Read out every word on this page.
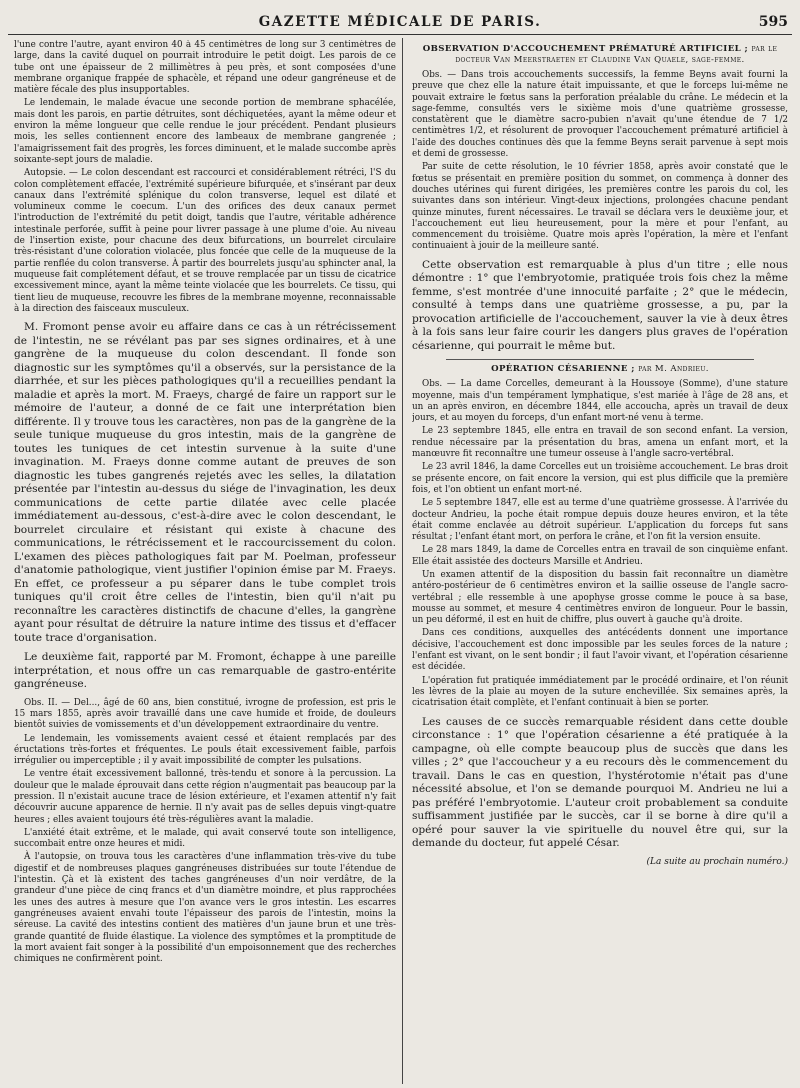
GAZETTE MÉDICALE DE PARIS.	595

l'une contre l'autre, ayant environ 40 à 45 centimètres de long sur 3 centimètres de large, dans la cavité duquel on pourrait introduire le petit doigt. Les parois de ce tube ont une épaisseur de 2 millimètres à peu près, et sont composées d'une membrane organique frappée de sphacèle, et répand une odeur gangréneuse et de matière fécale des plus insupportables.

Le lendemain, le malade évacue une seconde portion de membrane sphacélée, mais dont les parois, en partie détruites, sont déchiquetées, ayant la même odeur et environ la même longueur que celle rendue le jour précédent. Pendant plusieurs mois, les selles contiennent encore des lambeaux de membrane gangrenée ; l'amaigrissement fait des progrès, les forces diminuent, et le malade succombe après soixante-sept jours de maladie.

Autopsie. — Le colon descendant est raccourci et considérablement rétréci, l'S du colon complètement effacée, l'extrémité supérieure bifurquée, et s'insérant par deux canaux dans l'extrémité splénique du colon transverse, lequel est dilaté et volumineux comme le coecum. L'un des orifices des deux canaux permet l'introduction de l'extrémité du petit doigt, tandis que l'autre, véritable adhérence intestinale perforée, suffit à peine pour livrer passage à une plume d'oie. Au niveau de l'insertion existe, pour chacune des deux bifurcations, un bourrelet circulaire très-résistant d'une coloration violacée, plus foncée que celle de la muqueuse de la partie renflée du colon transverse. À partir des bourrelets jusqu'au sphincter anal, la muqueuse fait complétement défaut, et se trouve remplacée par un tissu de cicatrice excessivement mince, ayant la même teinte violacée que les bourrelets. Ce tissu, qui tient lieu de muqueuse, recouvre les fibres de la membrane moyenne, reconnaissable à la direction des faisceaux musculeux.

M. Fromont pense avoir eu affaire dans ce cas à un rétrécissement de l'intestin, ne se révélant pas par ses signes ordinaires, et à une gangrène de la muqueuse du colon descendant. Il fonde son diagnostic sur les symptômes qu'il a observés, sur la persistance de la diarrhée, et sur les pièces pathologiques qu'il a recueillies pendant la maladie et après la mort. M. Fraeys, chargé de faire un rapport sur le mémoire de l'auteur, a donné de ce fait une interprétation bien différente. Il y trouve tous les caractères, non pas de la gangrène de la seule tunique muqueuse du gros intestin, mais de la gangrène de toutes les tuniques de cet intestin survenue à la suite d'une invagination. M. Fraeys donne comme autant de preuves de son diagnostic les tubes gangrenés rejetés avec les selles, la dilatation présentée par l'intestin au-dessus du siége de l'invagination, les deux communications de cette partie dilatée avec celle placée immédiatement au-dessous, c'est-à-dire avec le colon descendant, le bourrelet circulaire et résistant qui existe à chacune des communications, le rétrécissement et le raccourcissement du colon. L'examen des pièces pathologiques fait par M. Poelman, professeur d'anatomie pathologique, vient justifier l'opinion émise par M. Fraeys. En effet, ce professeur a pu séparer dans le tube complet trois tuniques qu'il croit être celles de l'intestin, bien qu'il n'ait pu reconnaître les caractères distinctifs de chacune d'elles, la gangrène ayant pour résultat de détruire la nature intime des tissus et d'effacer toute trace d'organisation.

Le deuxième fait, rapporté par M. Fromont, échappe à une pareille interprétation, et nous offre un cas remarquable de gastro-entérite gangréneuse.

Obs. II. — Del..., âgé de 60 ans, bien constitué, ivrogne de profession, est pris le 15 mars 1855, après avoir travaillé dans une cave humide et froide, de douleurs bientôt suivies de vomissements et d'un développement extraordinaire du ventre.

Le lendemain, les vomissements avaient cessé et étaient remplacés par des éructations très-fortes et fréquentes. Le pouls était excessivement faible, parfois irrégulier ou imperceptible ; il y avait impossibilité de compter les pulsations.

Le ventre était excessivement ballonné, très-tendu et sonore à la percussion. La douleur que le malade éprouvait dans cette région n'augmentait pas beaucoup par la pression. Il n'existait aucune trace de lésion extérieure, et l'examen attentif n'y fait découvrir aucune apparence de hernie. Il n'y avait pas de selles depuis vingt-quatre heures ; elles avaient toujours été très-régulières avant la maladie.

L'anxiété était extrême, et le malade, qui avait conservé toute son intelligence, succombait entre onze heures et midi.

À l'autopsie, on trouva tous les caractères d'une inflammation très-vive du tube digestif et de nombreuses plaques gangréneuses distribuées sur toute l'étendue de l'intestin. Çà et là existent des taches gangréneuses d'un noir verdâtre, de la grandeur d'une pièce de cinq francs et d'un diamètre moindre, et plus rapprochées les unes des autres à mesure que l'on avance vers le gros intestin. Les escarres gangréneuses avaient envahi toute l'épaisseur des parois de l'intestin, moins la séreuse. La cavité des intestins contient des matières d'un jaune brun et une très-grande quantité de fluide élastique. La violence des symptômes et la promptitude de la mort avaient fait songer à la possibilité d'un empoisonnement que des recherches chimiques ne confirmèrent point.

OBSERVATION D'ACCOUCHEMENT PRÉMATURÉ ARTIFICIEL ; par le docteur Van Meerstraeten et Claudine Van Quaele, sage-femme.

Obs. — Dans trois accouchements successifs, la femme Beyns avait fourni la preuve que chez elle la nature était impuissante, et que le forceps lui-même ne pouvait extraire le fœtus sans la perforation préalable du crâne. Le médecin et la sage-femme, consultés vers le sixième mois d'une quatrième grossesse, constatèrent que le diamètre sacro-pubien n'avait qu'une étendue de 7 1/2 centimètres 1/2, et résolurent de provoquer l'accouchement prématuré artificiel à l'aide des douches continues dès que la femme Beyns serait parvenue à sept mois et demi de grossesse.

Par suite de cette résolution, le 10 février 1858, après avoir constaté que le fœtus se présentait en première position du sommet, on commença à donner des douches utérines qui furent dirigées, les premières contre les parois du col, les suivantes dans son intérieur. Vingt-deux injections, prolongées chacune pendant quinze minutes, furent nécessaires. Le travail se déclara vers le deuxième jour, et l'accouchement eut lieu heureusement, pour la mère et pour l'enfant, au commencement du troisième. Quatre mois après l'opération, la mère et l'enfant continuaient à jouir de la meilleure santé.

Cette observation est remarquable à plus d'un titre ; elle nous démontre : 1° que l'embryotomie, pratiquée trois fois chez la même femme, s'est montrée d'une innocuité parfaite ; 2° que le médecin, consulté à temps dans une quatrième grossesse, a pu, par la provocation artificielle de l'accouchement, sauver la vie à deux êtres à la fois sans leur faire courir les dangers plus graves de l'opération césarienne, qui pourrait le même but.

OPÉRATION CÉSARIENNE ; par M. Andrieu.

Obs. — La dame Corcelles, demeurant à la Houssoye (Somme), d'une stature moyenne, mais d'un tempérament lymphatique, s'est mariée à l'âge de 28 ans, et un an après environ, en décembre 1844, elle accoucha, après un travail de deux jours, et au moyen du forceps, d'un enfant mort-né venu à terme.

Le 23 septembre 1845, elle entra en travail de son second enfant. La version, rendue nécessaire par la présentation du bras, amena un enfant mort, et la manœuvre fit reconnaître une tumeur osseuse à l'angle sacro-vertébral.

Le 23 avril 1846, la dame Corcelles eut un troisième accouchement. Le bras droit se présente encore, on fait encore la version, qui est plus difficile que la première fois, et l'on obtient un enfant mort-né.

Le 5 septembre 1847, elle est au terme d'une quatrième grossesse. À l'arrivée du docteur Andrieu, la poche était rompue depuis douze heures environ, et la tête était comme enclavée au détroit supérieur. L'application du forceps fut sans résultat ; l'enfant étant mort, on perfora le crâne, et l'on fit la version ensuite.

Le 28 mars 1849, la dame de Corcelles entra en travail de son cinquième enfant. Elle était assistée des docteurs Marsille et Andrieu.

Un examen attentif de la disposition du bassin fait reconnaître un diamètre antéro-postérieur de 6 centimètres environ et la saillie osseuse de l'angle sacro-vertébral ; elle ressemble à une apophyse grosse comme le pouce à sa base, mousse au sommet, et mesure 4 centimètres environ de longueur. Pour le bassin, un peu déformé, il est en huit de chiffre, plus ouvert à gauche qu'à droite.

Dans ces conditions, auxquelles des antécédents donnent une importance décisive, l'accouchement est donc impossible par les seules forces de la nature ; l'enfant est vivant, on le sent bondir ; il faut l'avoir vivant, et l'opération césarienne est décidée.

L'opération fut pratiquée immédiatement par le procédé ordinaire, et l'on réunit les lèvres de la plaie au moyen de la suture enchevillée. Six semaines après, la cicatrisation était complète, et l'enfant continuait à bien se porter.

Les causes de ce succès remarquable résident dans cette double circonstance : 1° que l'opération césarienne a été pratiquée à la campagne, où elle compte beaucoup plus de succès que dans les villes ; 2° que l'accoucheur y a eu recours dès le commencement du travail. Dans le cas en question, l'hystérotomie n'était pas d'une nécessité absolue, et l'on se demande pourquoi M. Andrieu ne lui a pas préféré l'embryotomie. L'auteur croit probablement sa conduite suffisamment justifiée par le succès, car il se borne à dire qu'il a opéré pour sauver la vie spirituelle du nouvel être qui, sur la demande du docteur, fut appelé César.

(La suite au prochain numéro.)
